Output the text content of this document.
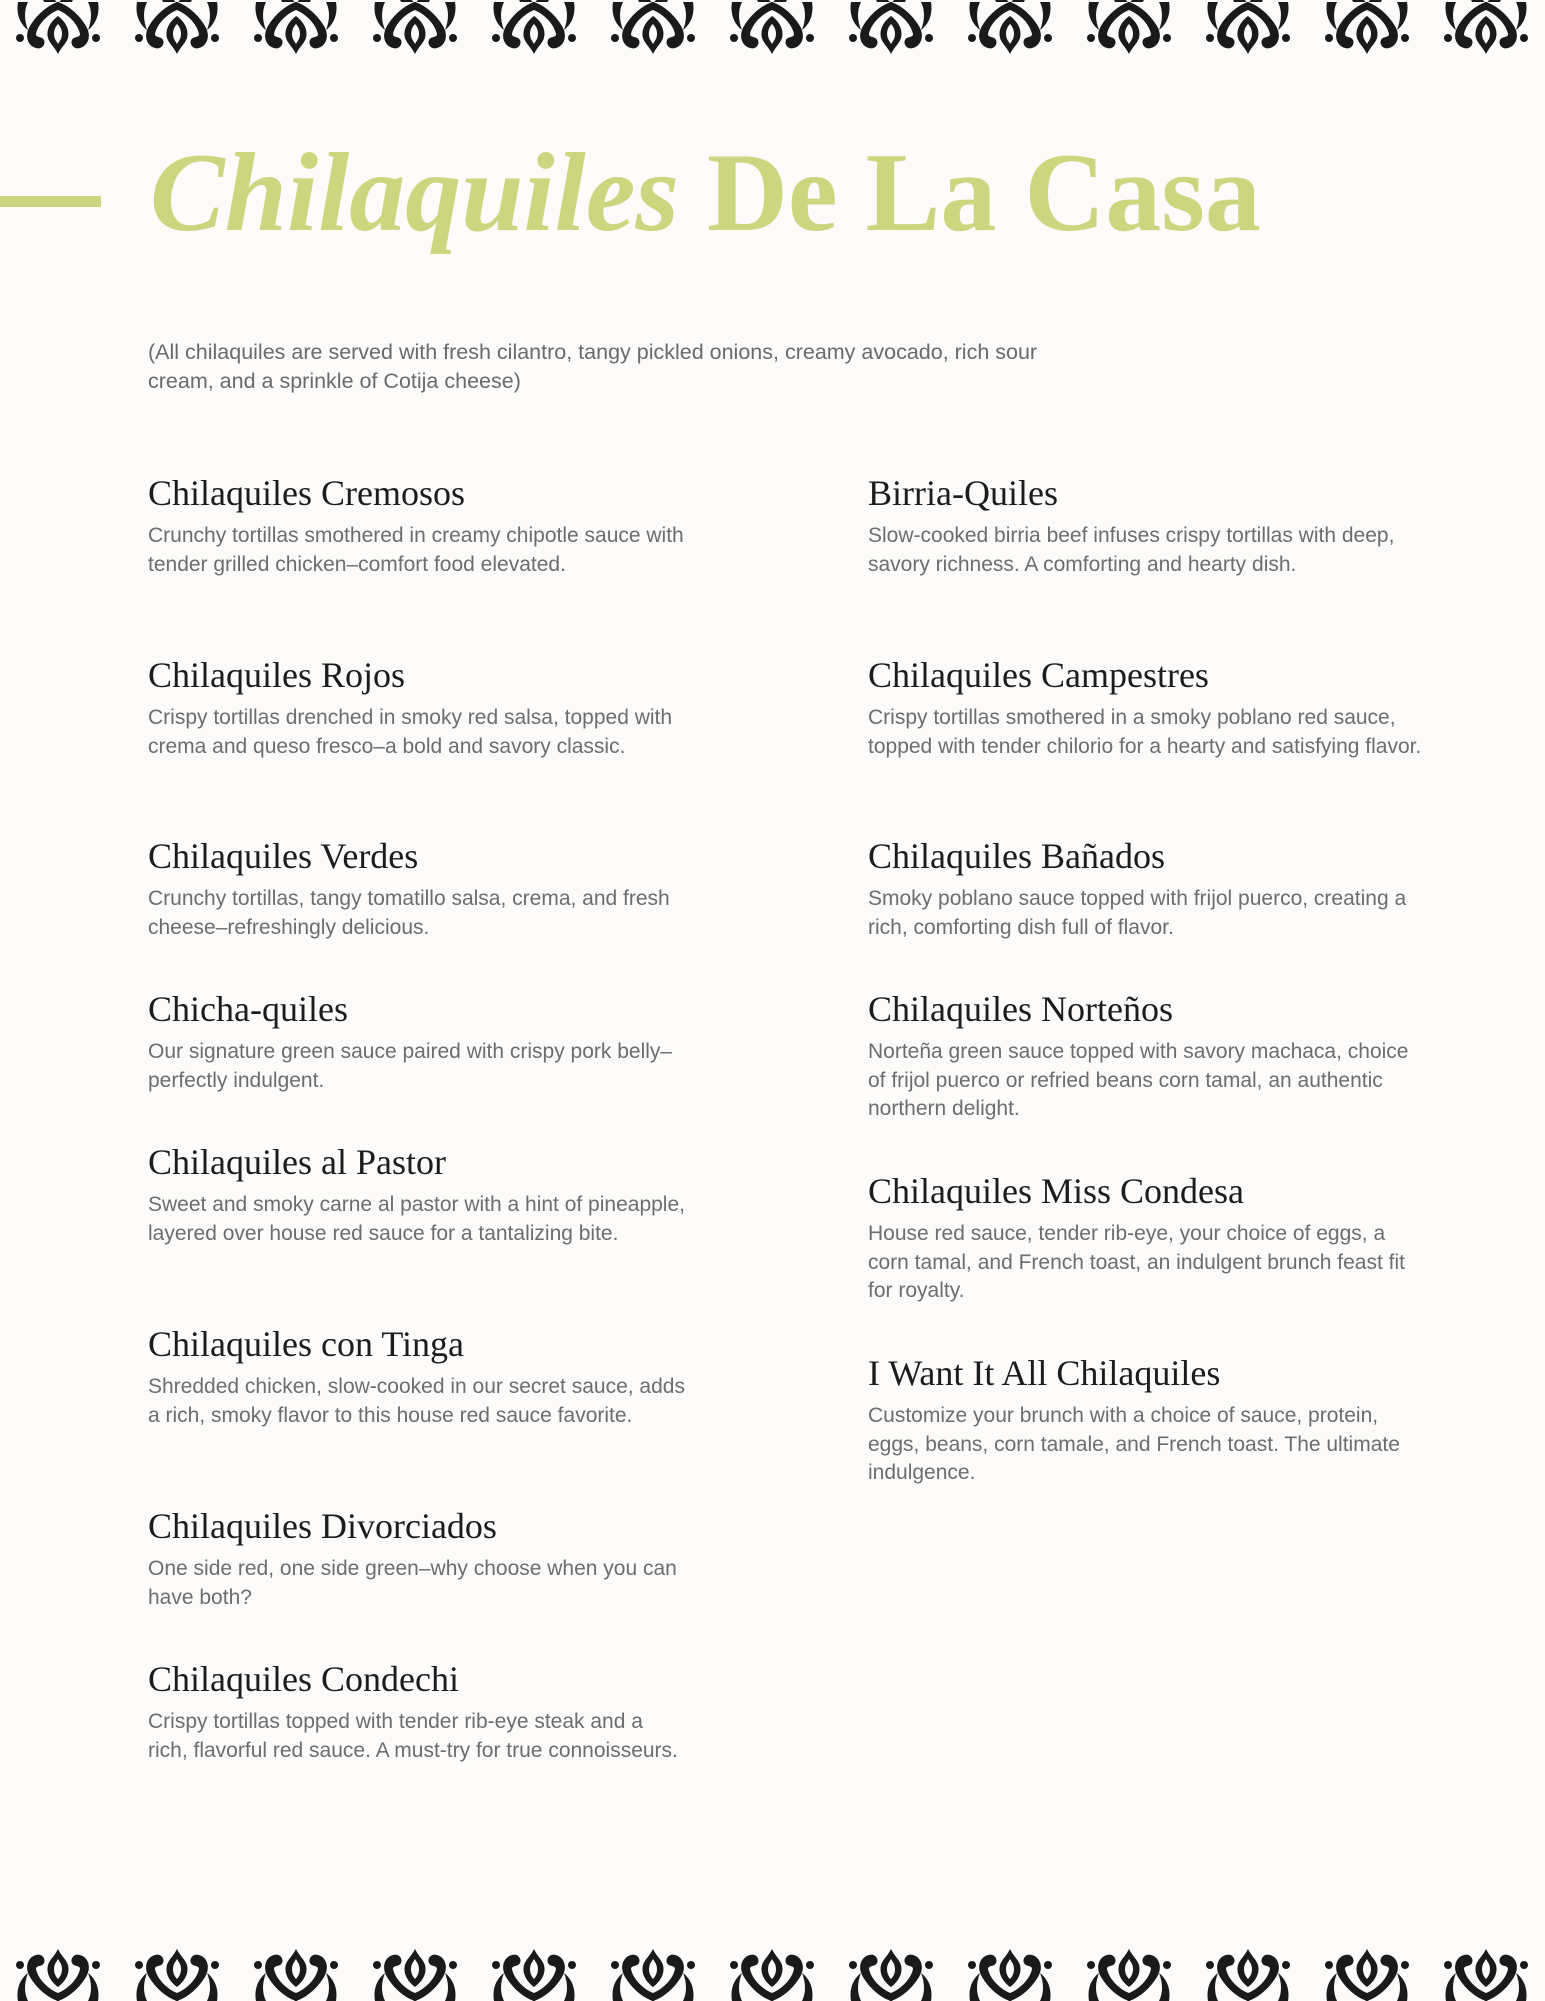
Chilaquiles De La Casa

(All chilaquiles are served with fresh cilantro, tangy pickled onions, creamy avocado, rich sour cream, and a sprinkle of Cotija cheese)

Chilaquiles Cremosos

Crunchy tortillas smothered in creamy chipotle sauce with tender grilled chicken–comfort food elevated.

Chilaquiles Rojos

Crispy tortillas drenched in smoky red salsa, topped with crema and queso fresco–a bold and savory classic.

Chilaquiles Verdes

Crunchy tortillas, tangy tomatillo salsa, crema, and fresh cheese–refreshingly delicious.

Chicha-quiles

Our signature green sauce paired with crispy pork belly–perfectly indulgent.

Chilaquiles al Pastor

Sweet and smoky carne al pastor with a hint of pineapple, layered over house red sauce for a tantalizing bite.

Chilaquiles con Tinga

Shredded chicken, slow-cooked in our secret sauce, adds a rich, smoky flavor to this house red sauce favorite.

Chilaquiles Divorciados

One side red, one side green–why choose when you can have both?

Chilaquiles Condechi

Crispy tortillas topped with tender rib-eye steak and a rich, flavorful red sauce. A must-try for true connoisseurs.

Birria-Quiles

Slow-cooked birria beef infuses crispy tortillas with deep, savory richness. A comforting and hearty dish.

Chilaquiles Campestres

Crispy tortillas smothered in a smoky poblano red sauce, topped with tender chilorio for a hearty and satisfying flavor.

Chilaquiles Bañados

Smoky poblano sauce topped with frijol puerco, creating a rich, comforting dish full of flavor.

Chilaquiles Norteños

Norteña green sauce topped with savory machaca, choice of frijol puerco or refried beans corn tamal, an authentic northern delight.

Chilaquiles Miss Condesa

House red sauce, tender rib-eye, your choice of eggs, a corn tamal, and French toast, an indulgent brunch feast fit for royalty.

I Want It All Chilaquiles

Customize your brunch with a choice of sauce, protein, eggs, beans, corn tamale, and French toast. The ultimate indulgence.
